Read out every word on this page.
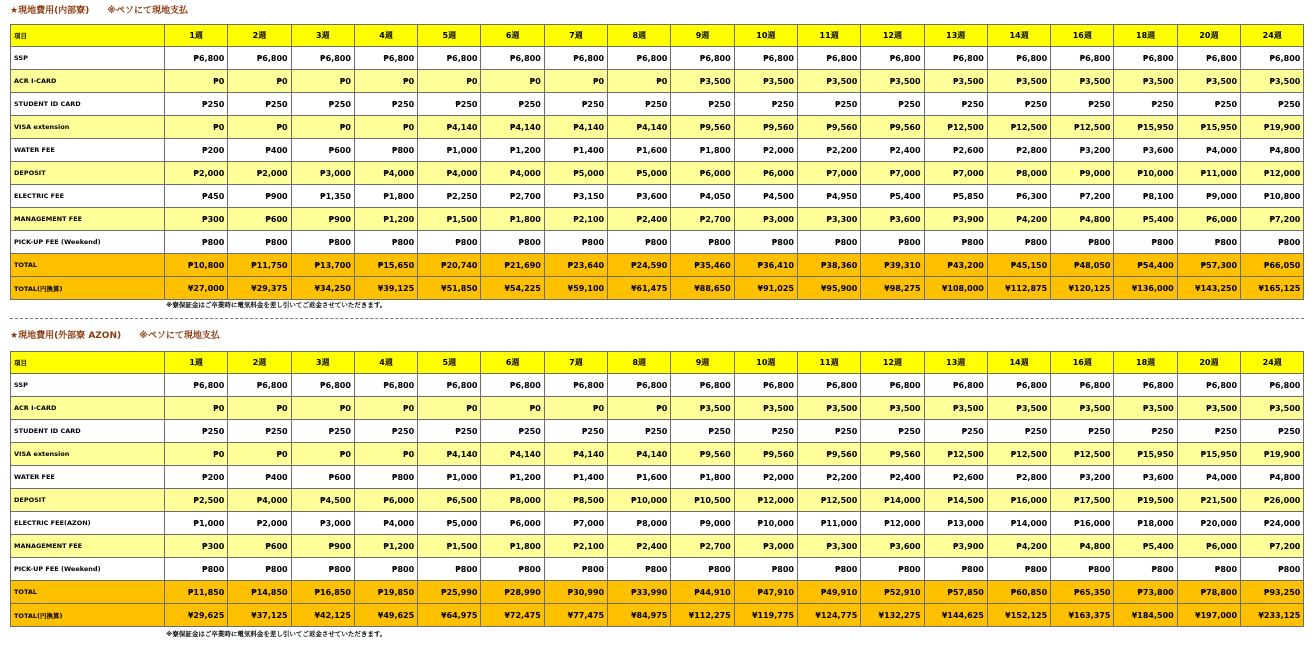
★現地費用(内部寮) ※ペソにて現地支払
項目	1週	2週	3週	4週	5週	6週	7週	8週	9週	10週	11週	12週	13週	14週	16週	18週	20週	24週
SSP	₱6,800	₱6,800	₱6,800	₱6,800	₱6,800	₱6,800	₱6,800	₱6,800	₱6,800	₱6,800	₱6,800	₱6,800	₱6,800	₱6,800	₱6,800	₱6,800	₱6,800	₱6,800
ACR I-CARD	₱0	₱0	₱0	₱0	₱0	₱0	₱0	₱0	₱3,500	₱3,500	₱3,500	₱3,500	₱3,500	₱3,500	₱3,500	₱3,500	₱3,500	₱3,500
STUDENT ID CARD	₱250	₱250	₱250	₱250	₱250	₱250	₱250	₱250	₱250	₱250	₱250	₱250	₱250	₱250	₱250	₱250	₱250	₱250
VISA extension	₱0	₱0	₱0	₱0	₱4,140	₱4,140	₱4,140	₱4,140	₱9,560	₱9,560	₱9,560	₱9,560	₱12,500	₱12,500	₱12,500	₱15,950	₱15,950	₱19,900
WATER FEE	₱200	₱400	₱600	₱800	₱1,000	₱1,200	₱1,400	₱1,600	₱1,800	₱2,000	₱2,200	₱2,400	₱2,600	₱2,800	₱3,200	₱3,600	₱4,000	₱4,800
DEPOSIT	₱2,000	₱2,000	₱3,000	₱4,000	₱4,000	₱4,000	₱5,000	₱5,000	₱6,000	₱6,000	₱7,000	₱7,000	₱7,000	₱8,000	₱9,000	₱10,000	₱11,000	₱12,000
ELECTRIC FEE	₱450	₱900	₱1,350	₱1,800	₱2,250	₱2,700	₱3,150	₱3,600	₱4,050	₱4,500	₱4,950	₱5,400	₱5,850	₱6,300	₱7,200	₱8,100	₱9,000	₱10,800
MANAGEMENT FEE	₱300	₱600	₱900	₱1,200	₱1,500	₱1,800	₱2,100	₱2,400	₱2,700	₱3,000	₱3,300	₱3,600	₱3,900	₱4,200	₱4,800	₱5,400	₱6,000	₱7,200
PICK-UP FEE (Weekend)	₱800	₱800	₱800	₱800	₱800	₱800	₱800	₱800	₱800	₱800	₱800	₱800	₱800	₱800	₱800	₱800	₱800	₱800
TOTAL	₱10,800	₱11,750	₱13,700	₱15,650	₱20,740	₱21,690	₱23,640	₱24,590	₱35,460	₱36,410	₱38,360	₱39,310	₱43,200	₱45,150	₱48,050	₱54,400	₱57,300	₱66,050
TOTAL(円換算)	¥27,000	¥29,375	¥34,250	¥39,125	¥51,850	¥54,225	¥59,100	¥61,475	¥88,650	¥91,025	¥95,900	¥98,275	¥108,000	¥112,875	¥120,125	¥136,000	¥143,250	¥165,125
※寮保証金はご卒業時に電気料金を差し引いてご返金させていただきます。
★現地費用(外部寮 AZON) ※ペソにて現地支払
項目	1週	2週	3週	4週	5週	6週	7週	8週	9週	10週	11週	12週	13週	14週	16週	18週	20週	24週
SSP	₱6,800	₱6,800	₱6,800	₱6,800	₱6,800	₱6,800	₱6,800	₱6,800	₱6,800	₱6,800	₱6,800	₱6,800	₱6,800	₱6,800	₱6,800	₱6,800	₱6,800	₱6,800
ACR I-CARD	₱0	₱0	₱0	₱0	₱0	₱0	₱0	₱0	₱3,500	₱3,500	₱3,500	₱3,500	₱3,500	₱3,500	₱3,500	₱3,500	₱3,500	₱3,500
STUDENT ID CARD	₱250	₱250	₱250	₱250	₱250	₱250	₱250	₱250	₱250	₱250	₱250	₱250	₱250	₱250	₱250	₱250	₱250	₱250
VISA extension	₱0	₱0	₱0	₱0	₱4,140	₱4,140	₱4,140	₱4,140	₱9,560	₱9,560	₱9,560	₱9,560	₱12,500	₱12,500	₱12,500	₱15,950	₱15,950	₱19,900
WATER FEE	₱200	₱400	₱600	₱800	₱1,000	₱1,200	₱1,400	₱1,600	₱1,800	₱2,000	₱2,200	₱2,400	₱2,600	₱2,800	₱3,200	₱3,600	₱4,000	₱4,800
DEPOSIT	₱2,500	₱4,000	₱4,500	₱6,000	₱6,500	₱8,000	₱8,500	₱10,000	₱10,500	₱12,000	₱12,500	₱14,000	₱14,500	₱16,000	₱17,500	₱19,500	₱21,500	₱26,000
ELECTRIC FEE(AZON)	₱1,000	₱2,000	₱3,000	₱4,000	₱5,000	₱6,000	₱7,000	₱8,000	₱9,000	₱10,000	₱11,000	₱12,000	₱13,000	₱14,000	₱16,000	₱18,000	₱20,000	₱24,000
MANAGEMENT FEE	₱300	₱600	₱900	₱1,200	₱1,500	₱1,800	₱2,100	₱2,400	₱2,700	₱3,000	₱3,300	₱3,600	₱3,900	₱4,200	₱4,800	₱5,400	₱6,000	₱7,200
PICK-UP FEE (Weekend)	₱800	₱800	₱800	₱800	₱800	₱800	₱800	₱800	₱800	₱800	₱800	₱800	₱800	₱800	₱800	₱800	₱800	₱800
TOTAL	₱11,850	₱14,850	₱16,850	₱19,850	₱25,990	₱28,990	₱30,990	₱33,990	₱44,910	₱47,910	₱49,910	₱52,910	₱57,850	₱60,850	₱65,350	₱73,800	₱78,800	₱93,250
TOTAL(円換算)	¥29,625	¥37,125	¥42,125	¥49,625	¥64,975	¥72,475	¥77,475	¥84,975	¥112,275	¥119,775	¥124,775	¥132,275	¥144,625	¥152,125	¥163,375	¥184,500	¥197,000	¥233,125
※寮保証金はご卒業時に電気料金を差し引いてご返金させていただきます。
